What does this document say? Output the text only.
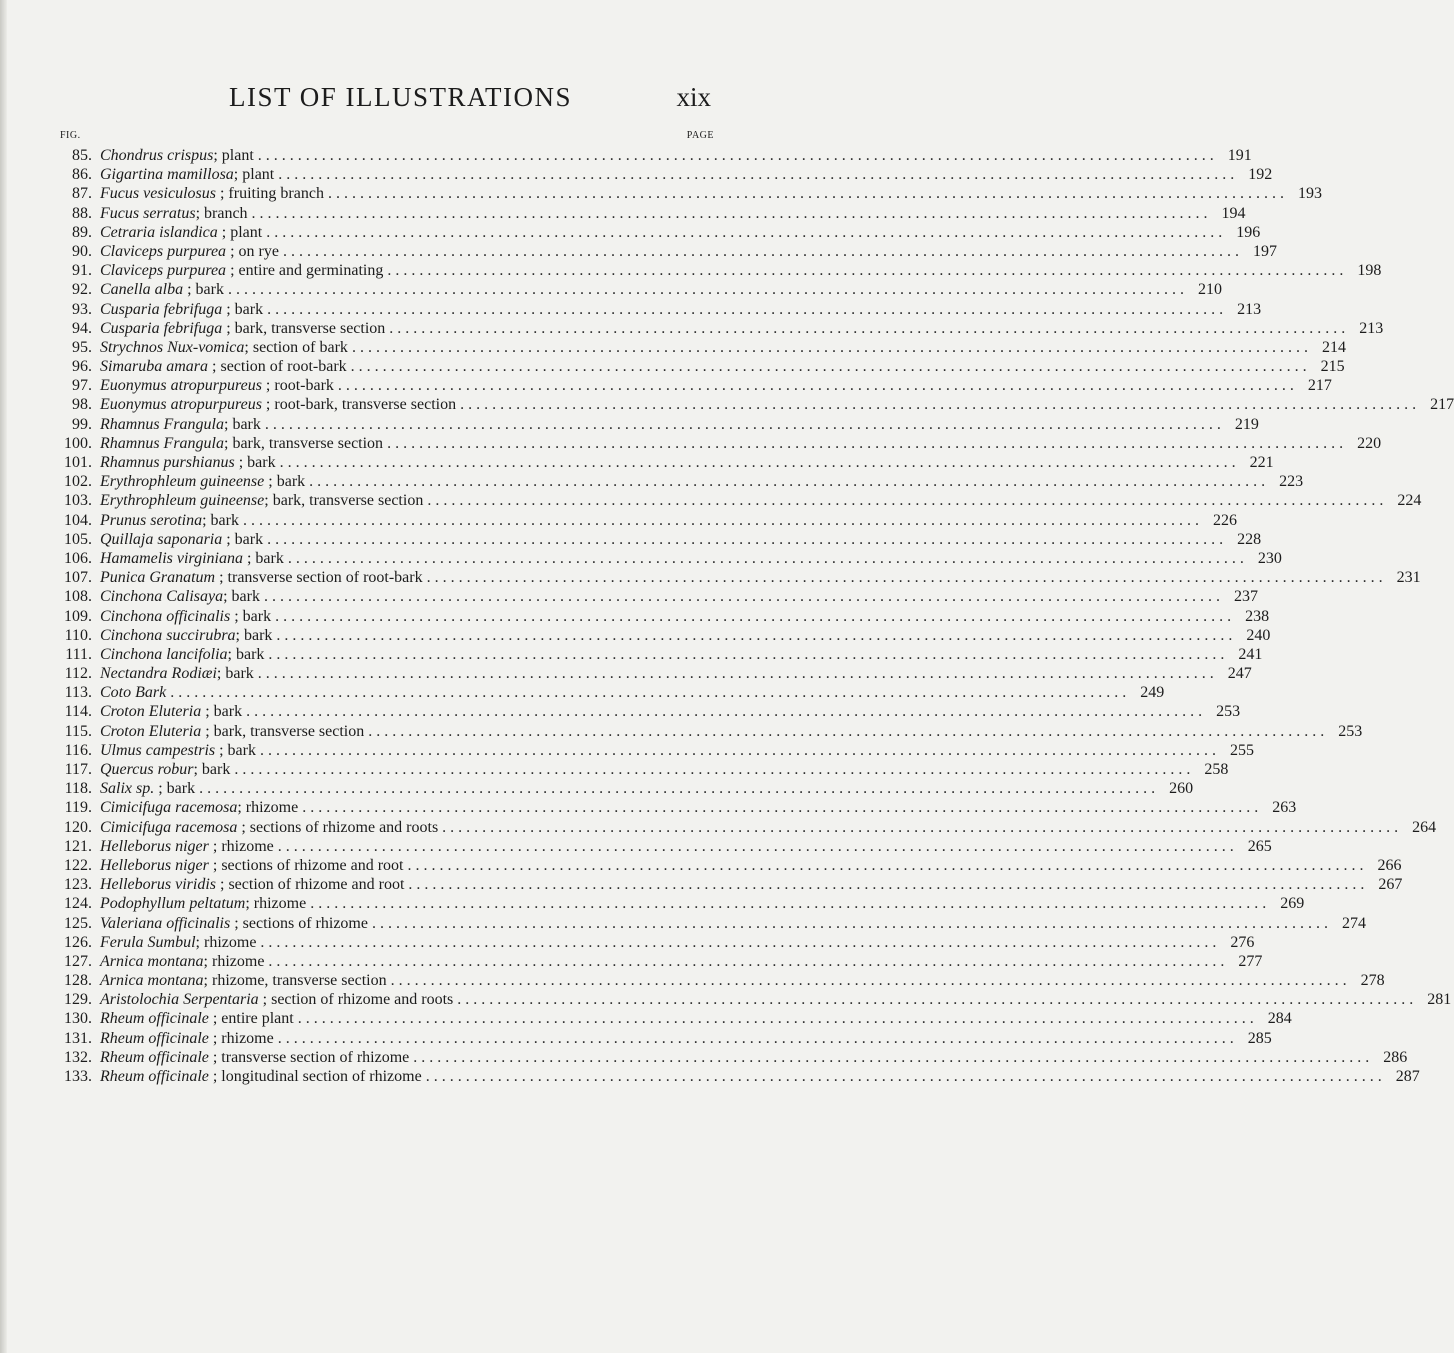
LIST OF ILLUSTRATIONS	xix
FIG.	PAGE
85. Chondrus crispus; plant . . . . . . . . . . . . . . . . . . . . . . . . . . . . . . . . . . . . . . . . . . . . . . . . . . . . . . . . . . . . . . . . . . . . . . . . . . . . . . . . . . . . . . . . . . . . . . . . . . . . . . . . . . . . . . . . . . . . . . . . 191
86. Gigartina mamillosa; plant . . . . . . . . . . . . . . . . . . . . . . . . . . . . . . . . . . . . . . . . . . . . . . . . . . . . . . . . . . . . . . . . . . . . . . . . . . . . . . . . . . . . . . . . . . . . . . . . . . . . . . . . . . . . . . . . . . . . . . . . 192
87. Fucus vesiculosus ; fruiting branch . . . . . . . . . . . . . . . . . . . . . . . . . . . . . . . . . . . . . . . . . . . . . . . . . . . . . . . . . . . . . . . . . . . . . . . . . . . . . . . . . . . . . . . . . . . . . . . . . . . . . . . . . . . . . . . . . . . . . . . . 193
88. Fucus serratus; branch . . . . . . . . . . . . . . . . . . . . . . . . . . . . . . . . . . . . . . . . . . . . . . . . . . . . . . . . . . . . . . . . . . . . . . . . . . . . . . . . . . . . . . . . . . . . . . . . . . . . . . . . . . . . . . . . . . . . . . . . 194
89. Cetraria islandica ; plant . . . . . . . . . . . . . . . . . . . . . . . . . . . . . . . . . . . . . . . . . . . . . . . . . . . . . . . . . . . . . . . . . . . . . . . . . . . . . . . . . . . . . . . . . . . . . . . . . . . . . . . . . . . . . . . . . . . . . . . . 196
90. Claviceps purpurea ; on rye . . . . . . . . . . . . . . . . . . . . . . . . . . . . . . . . . . . . . . . . . . . . . . . . . . . . . . . . . . . . . . . . . . . . . . . . . . . . . . . . . . . . . . . . . . . . . . . . . . . . . . . . . . . . . . . . . . . . . . . . 197
91. Claviceps purpurea ; entire and germinating . . . . . . . . . . . . . . . . . . . . . . . . . . . . . . . . . . . . . . . . . . . . . . . . . . . . . . . . . . . . . . . . . . . . . . . . . . . . . . . . . . . . . . . . . . . . . . . . . . . . . . . . . . . . . . . . . . . . . . . . 198
92. Canella alba ; bark . . . . . . . . . . . . . . . . . . . . . . . . . . . . . . . . . . . . . . . . . . . . . . . . . . . . . . . . . . . . . . . . . . . . . . . . . . . . . . . . . . . . . . . . . . . . . . . . . . . . . . . . . . . . . . . . . . . . . . . . 210
93. Cusparia febrifuga ; bark . . . . . . . . . . . . . . . . . . . . . . . . . . . . . . . . . . . . . . . . . . . . . . . . . . . . . . . . . . . . . . . . . . . . . . . . . . . . . . . . . . . . . . . . . . . . . . . . . . . . . . . . . . . . . . . . . . . . . . . . 213
94. Cusparia febrifuga ; bark, transverse section . . . . . . . . . . . . . . . . . . . . . . . . . . . . . . . . . . . . . . . . . . . . . . . . . . . . . . . . . . . . . . . . . . . . . . . . . . . . . . . . . . . . . . . . . . . . . . . . . . . . . . . . . . . . . . . . . . . . . . . . 213
95. Strychnos Nux-vomica; section of bark . . . . . . . . . . . . . . . . . . . . . . . . . . . . . . . . . . . . . . . . . . . . . . . . . . . . . . . . . . . . . . . . . . . . . . . . . . . . . . . . . . . . . . . . . . . . . . . . . . . . . . . . . . . . . . . . . . . . . . . . 214
96. Simaruba amara ; section of root-bark . . . . . . . . . . . . . . . . . . . . . . . . . . . . . . . . . . . . . . . . . . . . . . . . . . . . . . . . . . . . . . . . . . . . . . . . . . . . . . . . . . . . . . . . . . . . . . . . . . . . . . . . . . . . . . . . . . . . . . . . 215
97. Euonymus atropurpureus ; root-bark . . . . . . . . . . . . . . . . . . . . . . . . . . . . . . . . . . . . . . . . . . . . . . . . . . . . . . . . . . . . . . . . . . . . . . . . . . . . . . . . . . . . . . . . . . . . . . . . . . . . . . . . . . . . . . . . . . . . . . . . 217
98. Euonymus atropurpureus ; root-bark, transverse section . . . . . . . . . . . . . . . . . . . . . . . . . . . . . . . . . . . . . . . . . . . . . . . . . . . . . . . . . . . . . . . . . . . . . . . . . . . . . . . . . . . . . . . . . . . . . . . . . . . . . . . . . . . . . . . . . . . . . . . . 217
99. Rhamnus Frangula; bark . . . . . . . . . . . . . . . . . . . . . . . . . . . . . . . . . . . . . . . . . . . . . . . . . . . . . . . . . . . . . . . . . . . . . . . . . . . . . . . . . . . . . . . . . . . . . . . . . . . . . . . . . . . . . . . . . . . . . . . . 219
100. Rhamnus Frangula; bark, transverse section . . . . . . . . . . . . . . . . . . . . . . . . . . . . . . . . . . . . . . . . . . . . . . . . . . . . . . . . . . . . . . . . . . . . . . . . . . . . . . . . . . . . . . . . . . . . . . . . . . . . . . . . . . . . . . . . . . . . . . . . 220
101. Rhamnus purshianus ; bark . . . . . . . . . . . . . . . . . . . . . . . . . . . . . . . . . . . . . . . . . . . . . . . . . . . . . . . . . . . . . . . . . . . . . . . . . . . . . . . . . . . . . . . . . . . . . . . . . . . . . . . . . . . . . . . . . . . . . . . . 221
102. Erythrophleum guineense ; bark . . . . . . . . . . . . . . . . . . . . . . . . . . . . . . . . . . . . . . . . . . . . . . . . . . . . . . . . . . . . . . . . . . . . . . . . . . . . . . . . . . . . . . . . . . . . . . . . . . . . . . . . . . . . . . . . . . . . . . . . 223
103. Erythrophleum guineense; bark, transverse section . . . . . . . . . . . . . . . . . . . . . . . . . . . . . . . . . . . . . . . . . . . . . . . . . . . . . . . . . . . . . . . . . . . . . . . . . . . . . . . . . . . . . . . . . . . . . . . . . . . . . . . . . . . . . . . . . . . . . . . . 224
104. Prunus serotina; bark . . . . . . . . . . . . . . . . . . . . . . . . . . . . . . . . . . . . . . . . . . . . . . . . . . . . . . . . . . . . . . . . . . . . . . . . . . . . . . . . . . . . . . . . . . . . . . . . . . . . . . . . . . . . . . . . . . . . . . . . 226
105. Quillaja saponaria ; bark . . . . . . . . . . . . . . . . . . . . . . . . . . . . . . . . . . . . . . . . . . . . . . . . . . . . . . . . . . . . . . . . . . . . . . . . . . . . . . . . . . . . . . . . . . . . . . . . . . . . . . . . . . . . . . . . . . . . . . . . 228
106. Hamamelis virginiana ; bark . . . . . . . . . . . . . . . . . . . . . . . . . . . . . . . . . . . . . . . . . . . . . . . . . . . . . . . . . . . . . . . . . . . . . . . . . . . . . . . . . . . . . . . . . . . . . . . . . . . . . . . . . . . . . . . . . . . . . . . . 230
107. Punica Granatum ; transverse section of root-bark . . . . . . . . . . . . . . . . . . . . . . . . . . . . . . . . . . . . . . . . . . . . . . . . . . . . . . . . . . . . . . . . . . . . . . . . . . . . . . . . . . . . . . . . . . . . . . . . . . . . . . . . . . . . . . . . . . . . . . . . 231
108. Cinchona Calisaya; bark . . . . . . . . . . . . . . . . . . . . . . . . . . . . . . . . . . . . . . . . . . . . . . . . . . . . . . . . . . . . . . . . . . . . . . . . . . . . . . . . . . . . . . . . . . . . . . . . . . . . . . . . . . . . . . . . . . . . . . . . 237
109. Cinchona officinalis ; bark . . . . . . . . . . . . . . . . . . . . . . . . . . . . . . . . . . . . . . . . . . . . . . . . . . . . . . . . . . . . . . . . . . . . . . . . . . . . . . . . . . . . . . . . . . . . . . . . . . . . . . . . . . . . . . . . . . . . . . . . 238
110. Cinchona succirubra; bark . . . . . . . . . . . . . . . . . . . . . . . . . . . . . . . . . . . . . . . . . . . . . . . . . . . . . . . . . . . . . . . . . . . . . . . . . . . . . . . . . . . . . . . . . . . . . . . . . . . . . . . . . . . . . . . . . . . . . . . . 240
111. Cinchona lancifolia; bark . . . . . . . . . . . . . . . . . . . . . . . . . . . . . . . . . . . . . . . . . . . . . . . . . . . . . . . . . . . . . . . . . . . . . . . . . . . . . . . . . . . . . . . . . . . . . . . . . . . . . . . . . . . . . . . . . . . . . . . . 241
112. Nectandra Rodiæi; bark . . . . . . . . . . . . . . . . . . . . . . . . . . . . . . . . . . . . . . . . . . . . . . . . . . . . . . . . . . . . . . . . . . . . . . . . . . . . . . . . . . . . . . . . . . . . . . . . . . . . . . . . . . . . . . . . . . . . . . . . 247
113. Coto Bark . . . . . . . . . . . . . . . . . . . . . . . . . . . . . . . . . . . . . . . . . . . . . . . . . . . . . . . . . . . . . . . . . . . . . . . . . . . . . . . . . . . . . . . . . . . . . . . . . . . . . . . . . . . . . . . . . . . . . . . . 249
114. Croton Eluteria ; bark . . . . . . . . . . . . . . . . . . . . . . . . . . . . . . . . . . . . . . . . . . . . . . . . . . . . . . . . . . . . . . . . . . . . . . . . . . . . . . . . . . . . . . . . . . . . . . . . . . . . . . . . . . . . . . . . . . . . . . . . 253
115. Croton Eluteria ; bark, transverse section . . . . . . . . . . . . . . . . . . . . . . . . . . . . . . . . . . . . . . . . . . . . . . . . . . . . . . . . . . . . . . . . . . . . . . . . . . . . . . . . . . . . . . . . . . . . . . . . . . . . . . . . . . . . . . . . . . . . . . . . 253
116. Ulmus campestris ; bark . . . . . . . . . . . . . . . . . . . . . . . . . . . . . . . . . . . . . . . . . . . . . . . . . . . . . . . . . . . . . . . . . . . . . . . . . . . . . . . . . . . . . . . . . . . . . . . . . . . . . . . . . . . . . . . . . . . . . . . . 255
117. Quercus robur; bark . . . . . . . . . . . . . . . . . . . . . . . . . . . . . . . . . . . . . . . . . . . . . . . . . . . . . . . . . . . . . . . . . . . . . . . . . . . . . . . . . . . . . . . . . . . . . . . . . . . . . . . . . . . . . . . . . . . . . . . . 258
118. Salix sp. ; bark . . . . . . . . . . . . . . . . . . . . . . . . . . . . . . . . . . . . . . . . . . . . . . . . . . . . . . . . . . . . . . . . . . . . . . . . . . . . . . . . . . . . . . . . . . . . . . . . . . . . . . . . . . . . . . . . . . . . . . . . 260
119. Cimicifuga racemosa; rhizome . . . . . . . . . . . . . . . . . . . . . . . . . . . . . . . . . . . . . . . . . . . . . . . . . . . . . . . . . . . . . . . . . . . . . . . . . . . . . . . . . . . . . . . . . . . . . . . . . . . . . . . . . . . . . . . . . . . . . . . . 263
120. Cimicifuga racemosa ; sections of rhizome and roots . . . . . . . . . . . . . . . . . . . . . . . . . . . . . . . . . . . . . . . . . . . . . . . . . . . . . . . . . . . . . . . . . . . . . . . . . . . . . . . . . . . . . . . . . . . . . . . . . . . . . . . . . . . . . . . . . . . . . . . . 264
121. Helleborus niger ; rhizome . . . . . . . . . . . . . . . . . . . . . . . . . . . . . . . . . . . . . . . . . . . . . . . . . . . . . . . . . . . . . . . . . . . . . . . . . . . . . . . . . . . . . . . . . . . . . . . . . . . . . . . . . . . . . . . . . . . . . . . . 265
122. Helleborus niger ; sections of rhizome and root . . . . . . . . . . . . . . . . . . . . . . . . . . . . . . . . . . . . . . . . . . . . . . . . . . . . . . . . . . . . . . . . . . . . . . . . . . . . . . . . . . . . . . . . . . . . . . . . . . . . . . . . . . . . . . . . . . . . . . . . 266
123. Helleborus viridis ; section of rhizome and root . . . . . . . . . . . . . . . . . . . . . . . . . . . . . . . . . . . . . . . . . . . . . . . . . . . . . . . . . . . . . . . . . . . . . . . . . . . . . . . . . . . . . . . . . . . . . . . . . . . . . . . . . . . . . . . . . . . . . . . . 267
124. Podophyllum peltatum; rhizome . . . . . . . . . . . . . . . . . . . . . . . . . . . . . . . . . . . . . . . . . . . . . . . . . . . . . . . . . . . . . . . . . . . . . . . . . . . . . . . . . . . . . . . . . . . . . . . . . . . . . . . . . . . . . . . . . . . . . . . . 269
125. Valeriana officinalis ; sections of rhizome . . . . . . . . . . . . . . . . . . . . . . . . . . . . . . . . . . . . . . . . . . . . . . . . . . . . . . . . . . . . . . . . . . . . . . . . . . . . . . . . . . . . . . . . . . . . . . . . . . . . . . . . . . . . . . . . . . . . . . . . 274
126. Ferula Sumbul; rhizome . . . . . . . . . . . . . . . . . . . . . . . . . . . . . . . . . . . . . . . . . . . . . . . . . . . . . . . . . . . . . . . . . . . . . . . . . . . . . . . . . . . . . . . . . . . . . . . . . . . . . . . . . . . . . . . . . . . . . . . . 276
127. Arnica montana; rhizome . . . . . . . . . . . . . . . . . . . . . . . . . . . . . . . . . . . . . . . . . . . . . . . . . . . . . . . . . . . . . . . . . . . . . . . . . . . . . . . . . . . . . . . . . . . . . . . . . . . . . . . . . . . . . . . . . . . . . . . . 277
128. Arnica montana; rhizome, transverse section . . . . . . . . . . . . . . . . . . . . . . . . . . . . . . . . . . . . . . . . . . . . . . . . . . . . . . . . . . . . . . . . . . . . . . . . . . . . . . . . . . . . . . . . . . . . . . . . . . . . . . . . . . . . . . . . . . . . . . . . 278
129. Aristolochia Serpentaria ; section of rhizome and roots . . . . . . . . . . . . . . . . . . . . . . . . . . . . . . . . . . . . . . . . . . . . . . . . . . . . . . . . . . . . . . . . . . . . . . . . . . . . . . . . . . . . . . . . . . . . . . . . . . . . . . . . . . . . . . . . . . . . . . . . 281
130. Rheum officinale ; entire plant . . . . . . . . . . . . . . . . . . . . . . . . . . . . . . . . . . . . . . . . . . . . . . . . . . . . . . . . . . . . . . . . . . . . . . . . . . . . . . . . . . . . . . . . . . . . . . . . . . . . . . . . . . . . . . . . . . . . . . . . 284
131. Rheum officinale ; rhizome . . . . . . . . . . . . . . . . . . . . . . . . . . . . . . . . . . . . . . . . . . . . . . . . . . . . . . . . . . . . . . . . . . . . . . . . . . . . . . . . . . . . . . . . . . . . . . . . . . . . . . . . . . . . . . . . . . . . . . . . 285
132. Rheum officinale ; transverse section of rhizome . . . . . . . . . . . . . . . . . . . . . . . . . . . . . . . . . . . . . . . . . . . . . . . . . . . . . . . . . . . . . . . . . . . . . . . . . . . . . . . . . . . . . . . . . . . . . . . . . . . . . . . . . . . . . . . . . . . . . . . . 286
133. Rheum officinale ; longitudinal section of rhizome . . . . . . . . . . . . . . . . . . . . . . . . . . . . . . . . . . . . . . . . . . . . . . . . . . . . . . . . . . . . . . . . . . . . . . . . . . . . . . . . . . . . . . . . . . . . . . . . . . . . . . . . . . . . . . . . . . . . . . . . 287
